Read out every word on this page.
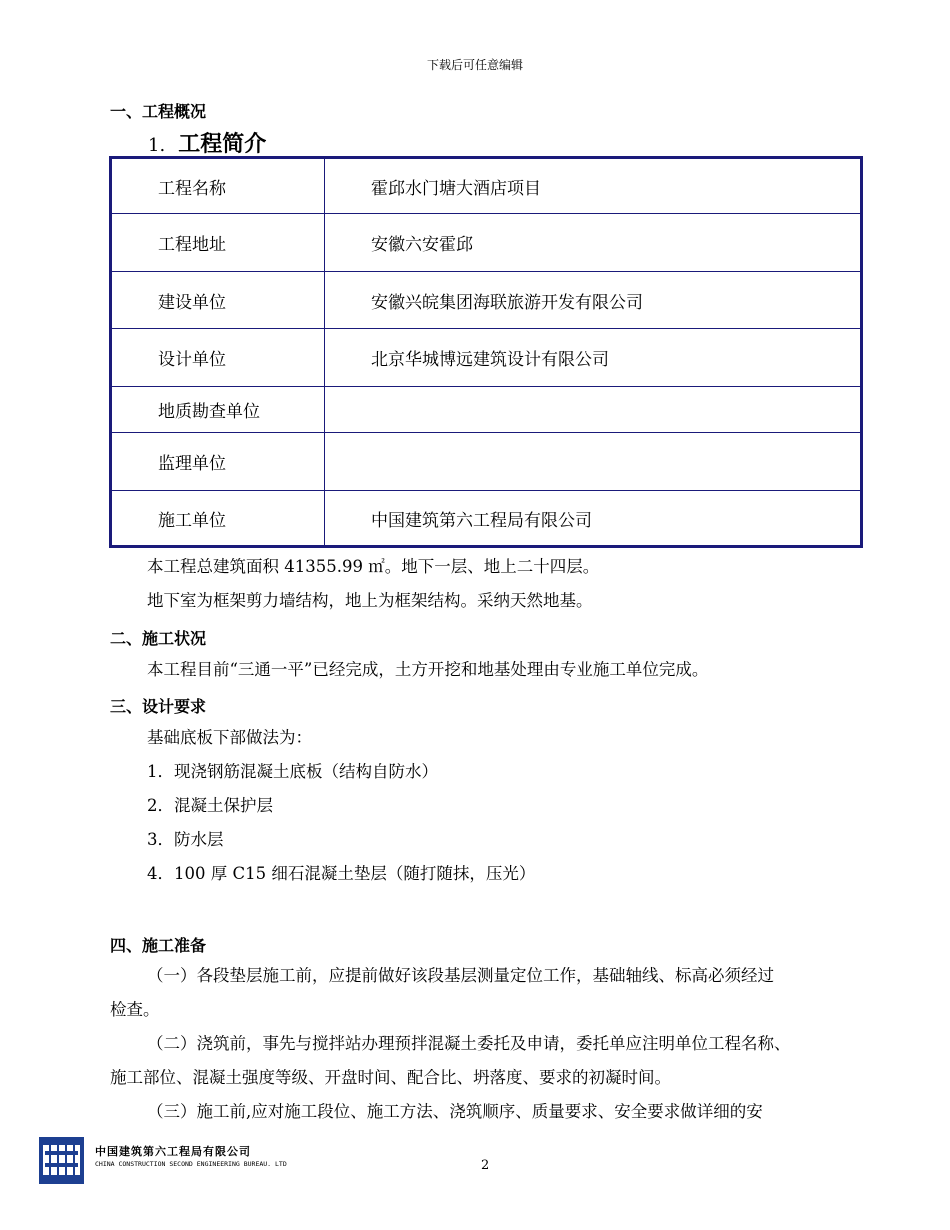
下载后可任意编辑
一、工程概况
1. 工程简介
工程名称	霍邱水门塘大酒店项目
工程地址	安徽六安霍邱
建设单位	安徽兴皖集团海联旅游开发有限公司
设计单位	北京华城博远建筑设计有限公司
地质勘查单位	
监理单位	
施工单位	中国建筑第六工程局有限公司
本工程总建筑面积 41355.99 ㎡。地下一层、地上二十四层。
地下室为框架剪力墙结构，地上为框架结构。采纳天然地基。
二、施工状况
本工程目前“三通一平”已经完成，土方开挖和地基处理由专业施工单位完成。
三、设计要求
基础底板下部做法为：
1．现浇钢筋混凝土底板（结构自防水）
2．混凝土保护层
3．防水层
4．100 厚 C15 细石混凝土垫层（随打随抹，压光）
四、施工准备
（一）各段垫层施工前，应提前做好该段基层测量定位工作，基础轴线、标高必须经过
检查。
（二）浇筑前，事先与搅拌站办理预拌混凝土委托及申请，委托单应注明单位工程名称、
施工部位、混凝土强度等级、开盘时间、配合比、坍落度、要求的初凝时间。
（三）施工前,应对施工段位、施工方法、浇筑顺序、质量要求、安全要求做详细的安
中国建筑第六工程局有限公司
CHINA CONSTRUCTION SECOND ENGINEERING BUREAU. LTD	2
